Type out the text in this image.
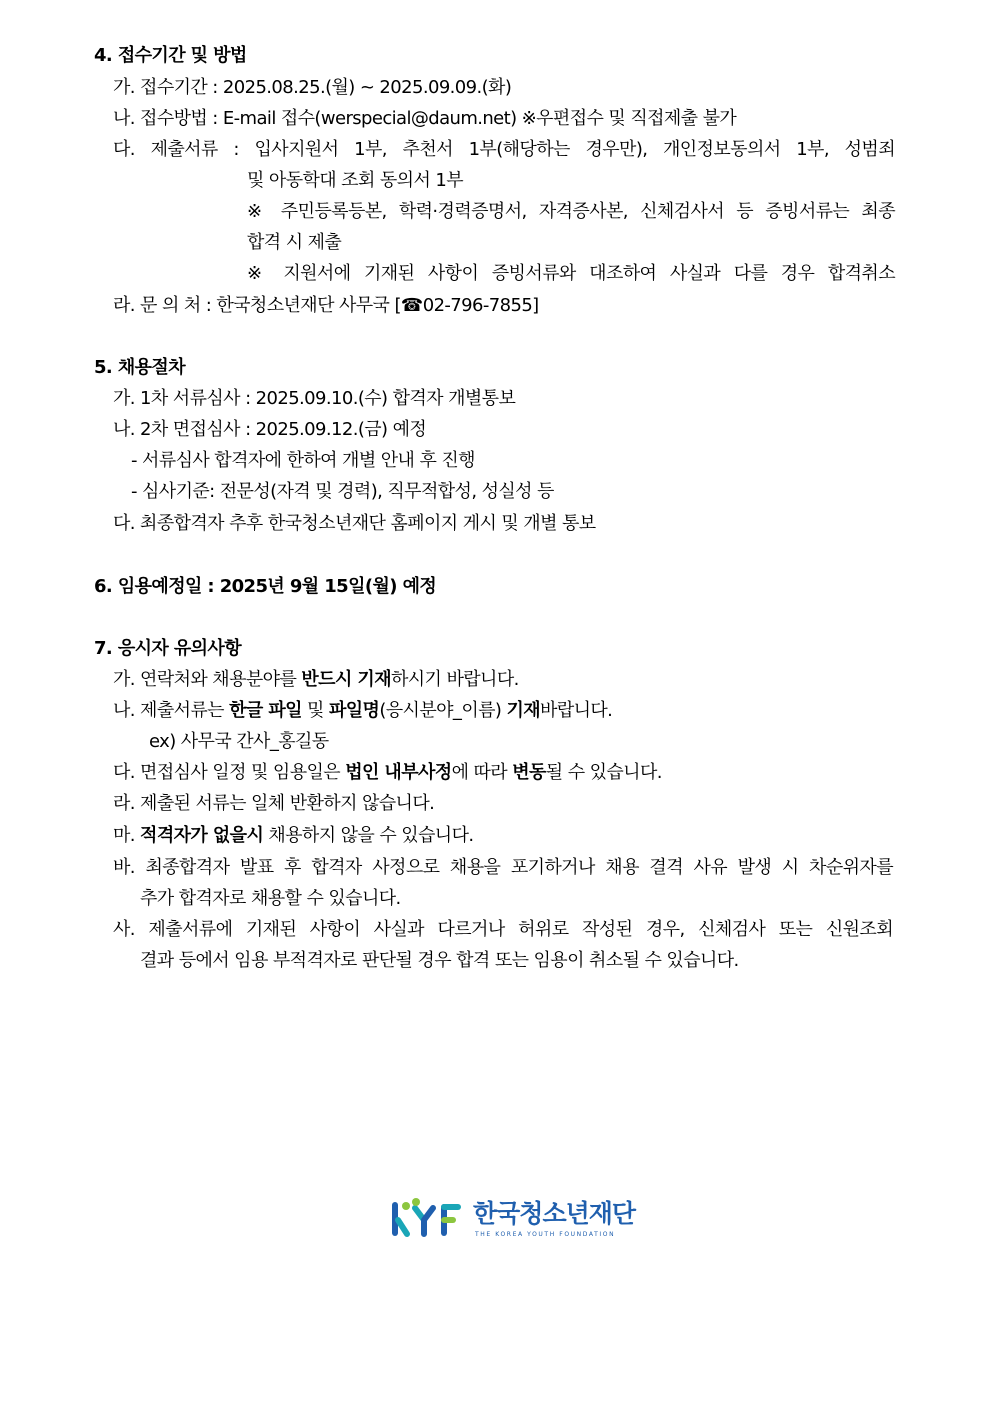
4. 접수기간 및 방법
가. 접수기간 : 2025.08.25.(월) ~ 2025.09.09.(화)
나. 접수방법 : E-mail 접수(werspecial@daum.net) ※우편접수 및 직접제출 불가
다. 제출서류 : 입사지원서 1부, 추천서 1부(해당하는 경우만), 개인정보동의서 1부, 성범죄
및 아동학대 조회 동의서 1부
※ 주민등록등본, 학력·경력증명서, 자격증사본, 신체검사서 등 증빙서류는 최종
합격 시 제출
※ 지원서에 기재된 사항이 증빙서류와 대조하여 사실과 다를 경우 합격취소
라. 문 의 처 : 한국청소년재단 사무국 [☎02-796-7855]
5. 채용절차
가. 1차 서류심사 : 2025.09.10.(수) 합격자 개별통보
나. 2차 면접심사 : 2025.09.12.(금) 예정
- 서류심사 합격자에 한하여 개별 안내 후 진행
- 심사기준: 전문성(자격 및 경력), 직무적합성, 성실성 등
다. 최종합격자 추후 한국청소년재단 홈페이지 게시 및 개별 통보
6. 임용예정일 : 2025년 9월 15일(월) 예정
7. 응시자 유의사항
가. 연락처와 채용분야를 반드시 기재하시기 바랍니다.
나. 제출서류는 한글 파일 및 파일명(응시분야_이름) 기재바랍니다.
ex) 사무국 간사_홍길동
다. 면접심사 일정 및 임용일은 법인 내부사정에 따라 변동될 수 있습니다.
라. 제출된 서류는 일체 반환하지 않습니다.
마. 적격자가 없을시 채용하지 않을 수 있습니다.
바. 최종합격자 발표 후 합격자 사정으로 채용을 포기하거나 채용 결격 사유 발생 시 차순위자를
추가 합격자로 채용할 수 있습니다.
사. 제출서류에 기재된 사항이 사실과 다르거나 허위로 작성된 경우, 신체검사 또는 신원조회
결과 등에서 임용 부적격자로 판단될 경우 합격 또는 임용이 취소될 수 있습니다.
한국청소년재단
THE KOREA YOUTH FOUNDATION
